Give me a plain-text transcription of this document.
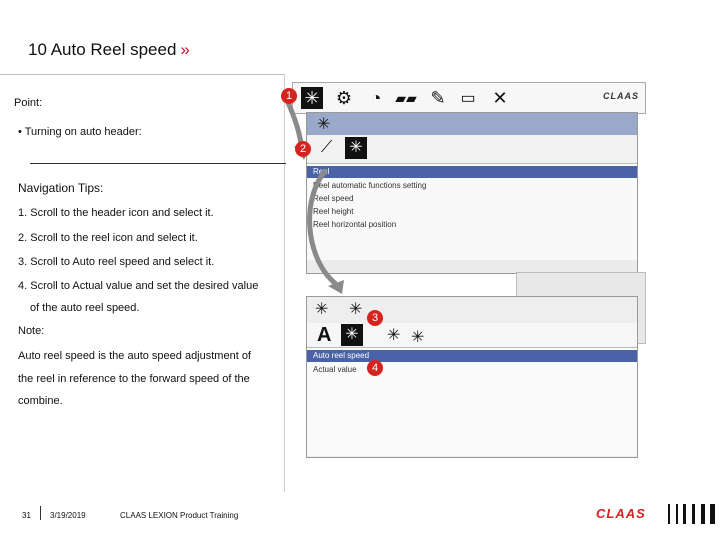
10 Auto Reel speed »
Point:
• Turning on auto header:
Navigation Tips:
1. Scroll to the header icon and select it.
2. Scroll to the reel icon and select it.
3. Scroll to Auto reel speed and select it.
4. Scroll to Actual value and set the desired value
of the auto reel speed.
Note:
Auto reel speed is the auto speed adjustment of
the reel in reference to the forward speed of the
combine.
✳ ⚙	◔ ▰▰ ✎ ▭ ✕	CLAAS
✳
⟋ ✳
Reel
Reel automatic functions setting
Reel speed
Reel height
Reel horizontal position
✳ ✳
A ✳ ✳ ✳
Auto reel speed
Actual value
1
2
3
4
31 3/19/2019	CLAAS LEXION Product Training	CLAAS
